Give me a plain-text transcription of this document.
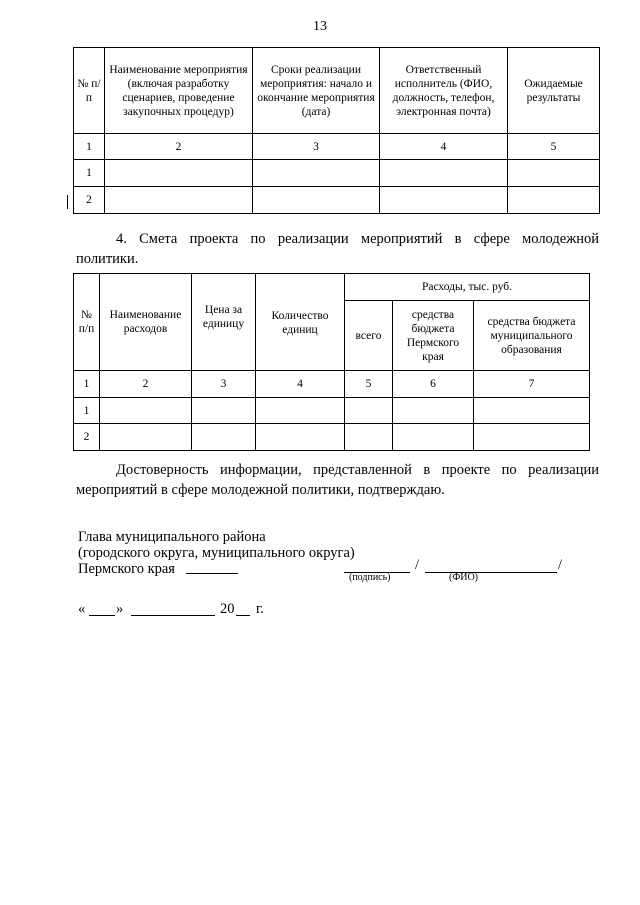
13
№ п/п	Наименование мероприятия (включая разработку сценариев, проведение закупочных процедур)	Сроки реализации мероприятия: начало и окончание мероприятия (дата)	Ответственный исполнитель (ФИО, должность, телефон, электронная почта)	Ожидаемые результаты
1	2	3	4	5
1				
2				
4. Смета проекта по реализации мероприятий в сфере молодежной
политики.
№ п/п	Наименование расходов	Цена за единицу	Количество единиц	Расходы, тыс. руб.		
				всего	средства бюджета Пермского края	средства бюджета муниципального образования
1	2	3	4	5	6	7
1						
2						
Достоверность информации, представленной в проекте по реализации
мероприятий в сфере молодежной политики, подтверждаю.
Глава муниципального района
(городского округа, муниципального округа)
Пермского края	/	/
(подпись)	(ФИО)
« »	20 г.
